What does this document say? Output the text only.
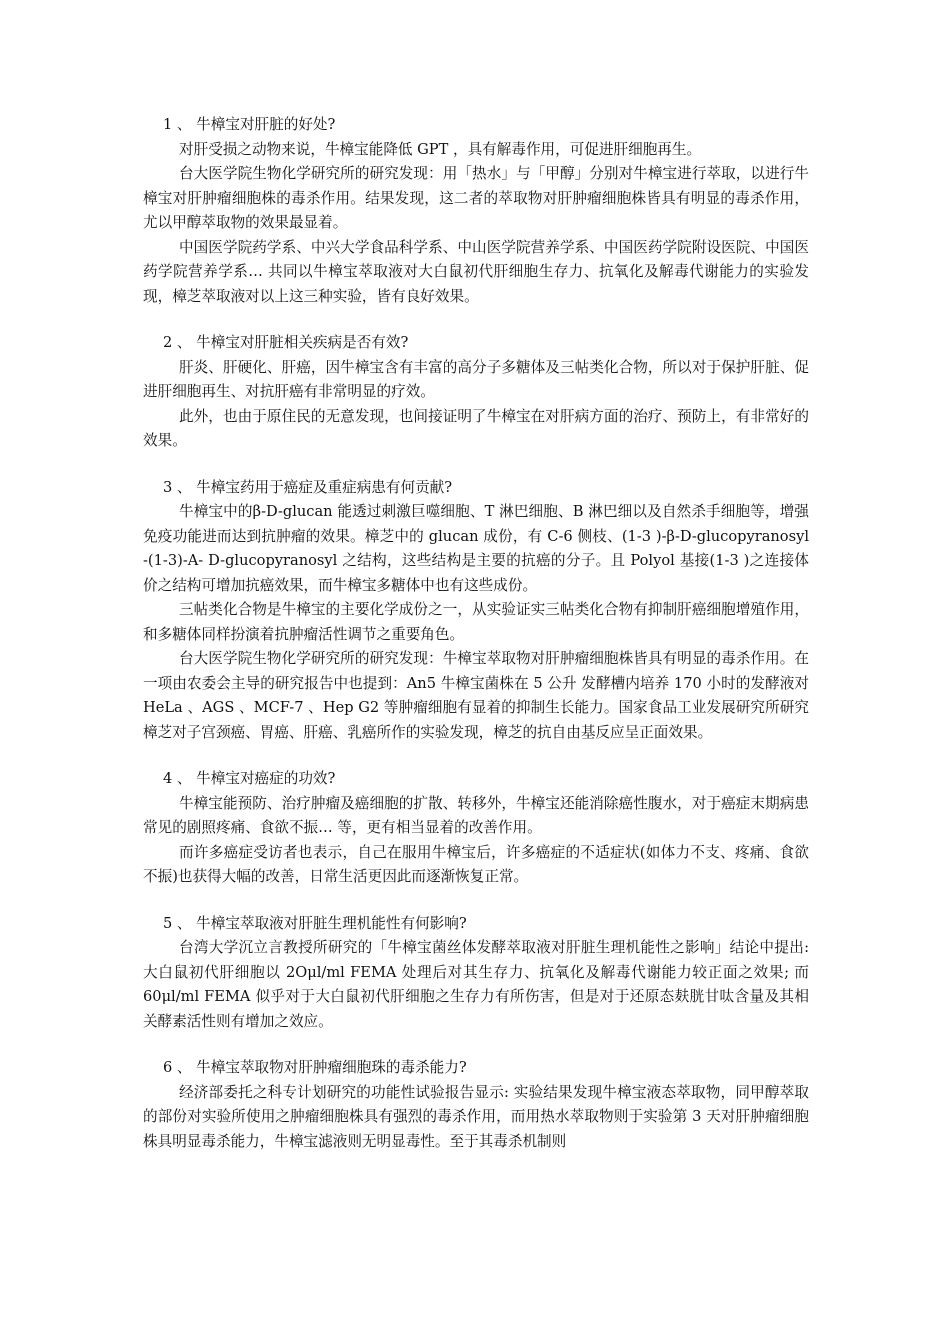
1 、 牛樟宝对肝脏的好处?

对肝受损之动物来说，牛樟宝能降低 GPT ，具有解毒作用，可促进肝细胞再生。

台大医学院生物化学研究所的研究发现：用「热水」与「甲醇」分别对牛樟宝进行萃取，以进行牛樟宝对肝肿瘤细胞株的毒杀作用。结果发现，这二者的萃取物对肝肿瘤细胞株皆具有明显的毒杀作用，尤以甲醇萃取物的效果最显着。

中国医学院药学系、中兴大学食品科学系、中山医学院营养学系、中国医药学院附设医院、中国医药学院营养学系… 共同以牛樟宝萃取液对大白鼠初代肝细胞生存力、抗氧化及解毒代谢能力的实验发现，樟芝萃取液对以上这三种实验，皆有良好效果。

2 、 牛樟宝对肝脏相关疾病是否有效?

肝炎、肝硬化、肝癌，因牛樟宝含有丰富的高分子多糖体及三帖类化合物，所以对于保护肝脏、促进肝细胞再生、对抗肝癌有非常明显的疗效。

此外，也由于原住民的无意发现，也间接证明了牛樟宝在对肝病方面的治疗、预防上，有非常好的效果。

3 、 牛樟宝药用于癌症及重症病患有何贡献?

牛樟宝中的β-D-glucan 能透过刺激巨噬细胞、T 淋巴细胞、B 淋巴细以及自然杀手细胞等，增强免疫功能进而达到抗肿瘤的效果。樟芝中的 glucan 成份，有 C-6 侧枝、(1-3 )-β-D-glucopyranosyl -(1-3)-A- D-glucopyranosyl 之结构，这些结构是主要的抗癌的分子。且 Polyol 基接(1-3 )之连接体价之结构可增加抗癌效果，而牛樟宝多糖体中也有这些成份。

三帖类化合物是牛樟宝的主要化学成份之一，从实验证实三帖类化合物有抑制肝癌细胞增殖作用，和多糖体同样扮演着抗肿瘤活性调节之重要角色。

台大医学院生物化学研究所的研究发现：牛樟宝萃取物对肝肿瘤细胞株皆具有明显的毒杀作用。在一项由农委会主导的研究报告中也提到：An5 牛樟宝菌株在 5 公升 发酵槽内培养 170 小时的发酵液对 HeLa 、AGS 、MCF-7 、Hep G2 等肿瘤细胞有显着的抑制生长能力。国家食品工业发展研究所研究樟芝对子宫颈癌、胃癌、肝癌、乳癌所作的实验发现，樟芝的抗自由基反应呈正面效果。

4 、 牛樟宝对癌症的功效?

牛樟宝能预防、治疗肿瘤及癌细胞的扩散、转移外，牛樟宝还能消除癌性腹水，对于癌症末期病患常见的剧照疼痛、食欲不振… 等，更有相当显着的改善作用。

而许多癌症受访者也表示，自己在服用牛樟宝后，许多癌症的不适症状(如体力不支、疼痛、食欲不振)也获得大幅的改善，日常生活更因此而逐渐恢复正常。

5 、 牛樟宝萃取液对肝脏生理机能性有何影响?

台湾大学沉立言教授所研究的「牛樟宝菌丝体发酵萃取液对肝脏生理机能性之影响」结论中提出: 大白鼠初代肝细胞以 2Oμl/ml FEMA 处理后对其生存力、抗氧化及解毒代谢能力较正面之效果; 而 60μl/ml FEMA 似乎对于大白鼠初代肝细胞之生存力有所伤害，但是对于还原态麸胱甘呔含量及其相关酵素活性则有增加之效应。

6 、 牛樟宝萃取物对肝肿瘤细胞珠的毒杀能力?

经济部委托之科专计划研究的功能性试验报告显示: 实验结果发现牛樟宝液态萃取物，同甲醇萃取的部份对实验所使用之肿瘤细胞株具有强烈的毒杀作用，而用热水萃取物则于实验第 3 天对肝肿瘤细胞株具明显毒杀能力，牛樟宝滤液则无明显毒性。至于其毒杀机制则
